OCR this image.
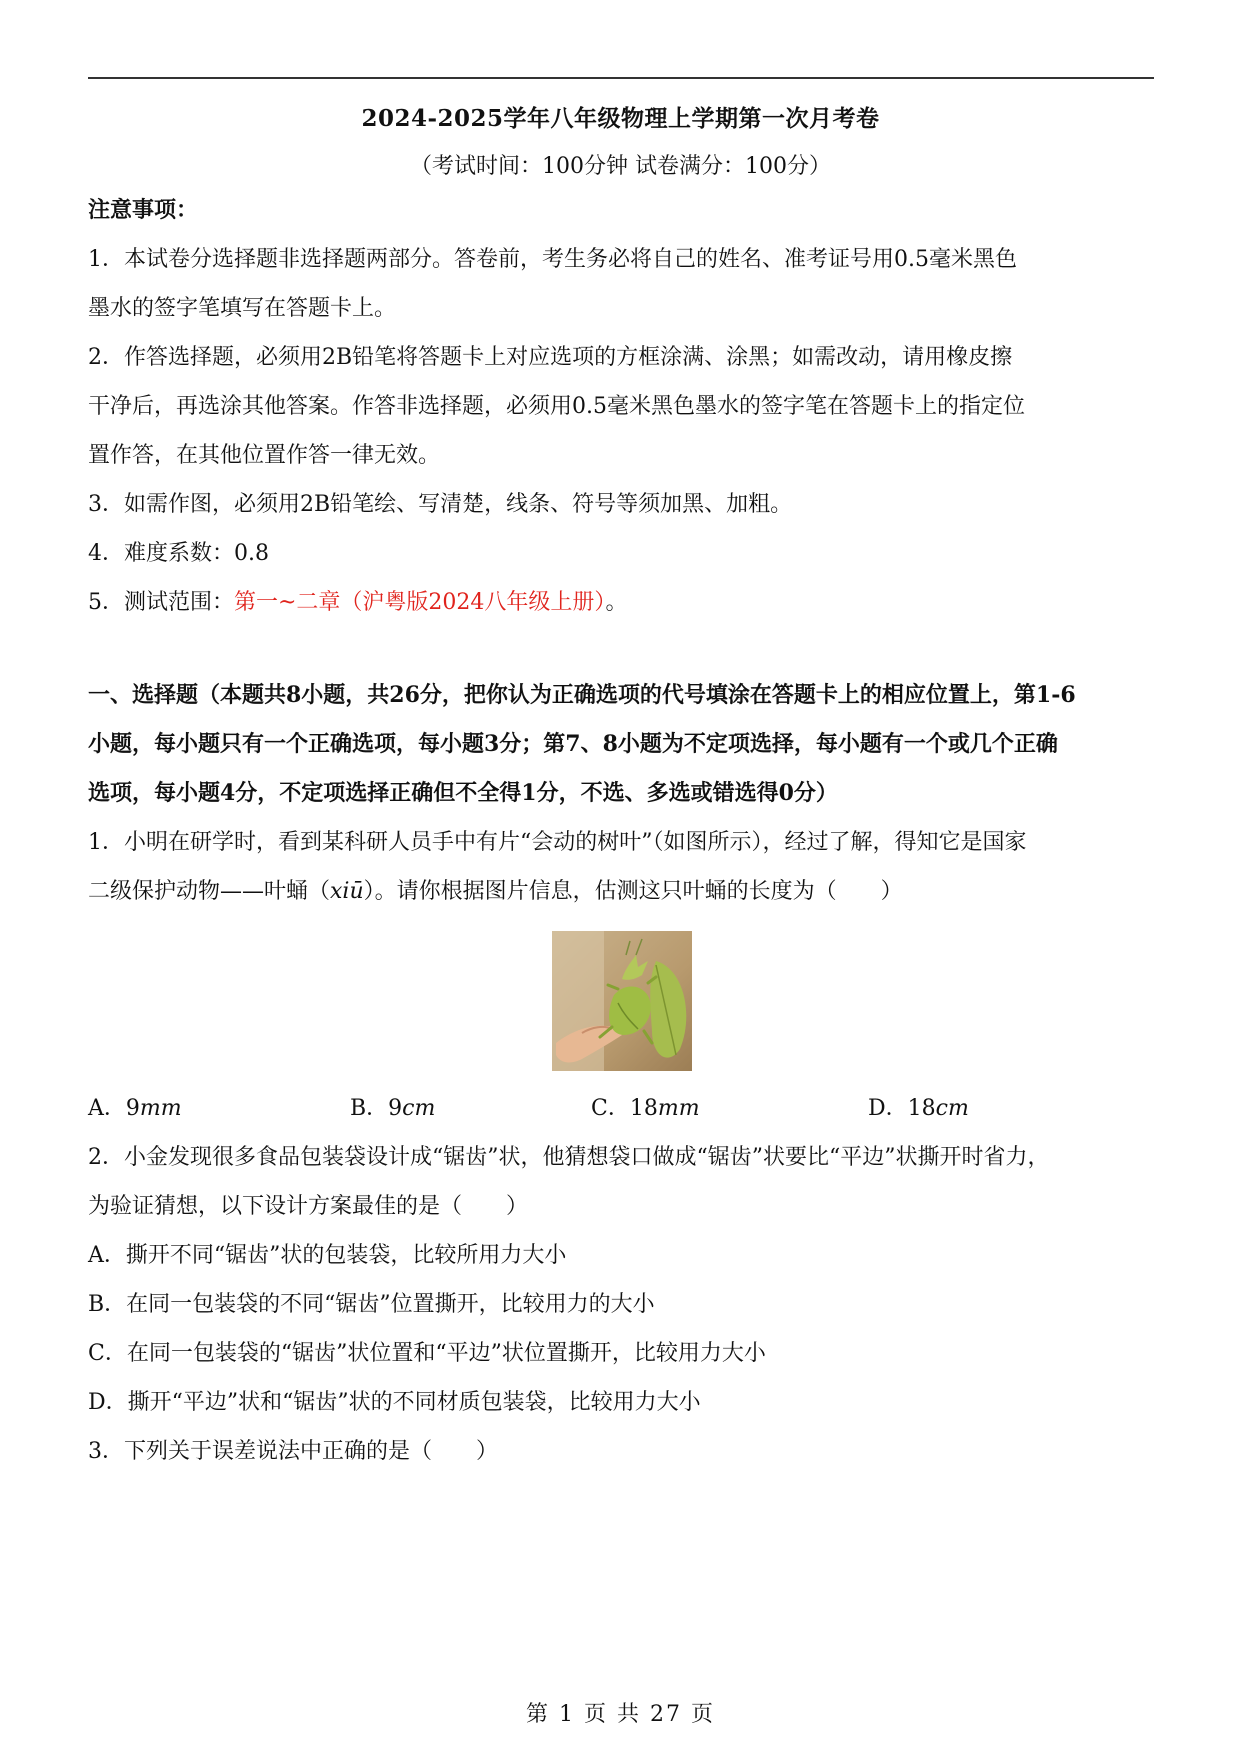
2024-2025学年八年级物理上学期第一次月考卷
（考试时间：100分钟 试卷满分：100分）
注意事项：
1．本试卷分选择题非选择题两部分。答卷前，考生务必将自己的姓名、准考证号用0.5毫米黑色
墨水的签字笔填写在答题卡上。
2．作答选择题，必须用2B铅笔将答题卡上对应选项的方框涂满、涂黑；如需改动，请用橡皮擦
干净后，再选涂其他答案。作答非选择题，必须用0.5毫米黑色墨水的签字笔在答题卡上的指定位
置作答，在其他位置作答一律无效。
3．如需作图，必须用2B铅笔绘、写清楚，线条、符号等须加黑、加粗。
4．难度系数：0.8
5．测试范围：第一~二章（沪粤版2024八年级上册）。
一、选择题（本题共8小题，共26分，把你认为正确选项的代号填涂在答题卡上的相应位置上，第1-6
小题，每小题只有一个正确选项，每小题3分；第7、8小题为不定项选择，每小题有一个或几个正确
选项，每小题4分，不定项选择正确但不全得1分，不选、多选或错选得0分）
1．小明在研学时，看到某科研人员手中有片“会动的树叶”（如图所示），经过了解，得知它是国家
二级保护动物——叶蛹（xiū）。请你根据图片信息，估测这只叶蛹的长度为（　　）
A．9mm	B．9cm	C．18mm	D．18cm
2．小金发现很多食品包装袋设计成“锯齿”状，他猜想袋口做成“锯齿”状要比“平边”状撕开时省力，
为验证猜想，以下设计方案最佳的是（　　）
A．撕开不同“锯齿”状的包装袋，比较所用力大小
B．在同一包装袋的不同“锯齿”位置撕开，比较用力的大小
C．在同一包装袋的“锯齿”状位置和“平边”状位置撕开，比较用力大小
D．撕开“平边”状和“锯齿”状的不同材质包装袋，比较用力大小
3．下列关于误差说法中正确的是（　　）
第 1 页 共 27 页
